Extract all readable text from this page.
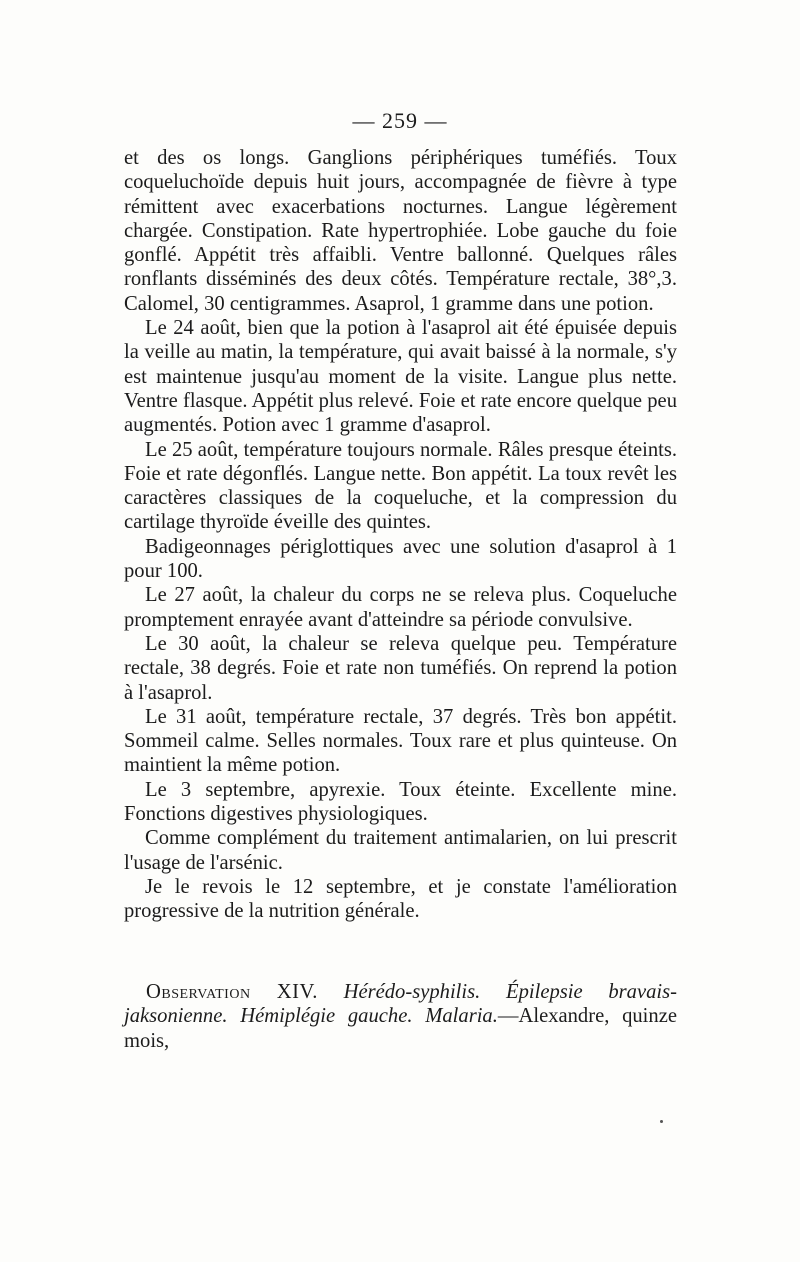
— 259 —

et des os longs. Ganglions périphériques tuméfiés. Toux coqueluchoïde depuis huit jours, accompagnée de fièvre à type rémittent avec exacerbations nocturnes. Langue légèrement chargée. Constipation. Rate hypertrophiée. Lobe gauche du foie gonflé. Appétit très affaibli. Ventre ballonné. Quelques râles ronflants disséminés des deux côtés. Température rectale, 38°,3. Calomel, 30 centigrammes. Asaprol, 1 gramme dans une potion.

Le 24 août, bien que la potion à l'asaprol ait été épuisée depuis la veille au matin, la température, qui avait baissé à la normale, s'y est maintenue jusqu'au moment de la visite. Langue plus nette. Ventre flasque. Appétit plus relevé. Foie et rate encore quelque peu augmentés. Potion avec 1 gramme d'asaprol.

Le 25 août, température toujours normale. Râles presque éteints. Foie et rate dégonflés. Langue nette. Bon appétit. La toux revêt les caractères classiques de la coqueluche, et la compression du cartilage thyroïde éveille des quintes.

Badigeonnages périglottiques avec une solution d'asaprol à 1 pour 100.

Le 27 août, la chaleur du corps ne se releva plus. Coqueluche promptement enrayée avant d'atteindre sa période convulsive.

Le 30 août, la chaleur se releva quelque peu. Température rectale, 38 degrés. Foie et rate non tuméfiés. On reprend la potion à l'asaprol.

Le 31 août, température rectale, 37 degrés. Très bon appétit. Sommeil calme. Selles normales. Toux rare et plus quinteuse. On maintient la même potion.

Le 3 septembre, apyrexie. Toux éteinte. Excellente mine. Fonctions digestives physiologiques.

Comme complément du traitement antimalarien, on lui prescrit l'usage de l'arsénic.

Je le revois le 12 septembre, et je constate l'amélioration progressive de la nutrition générale.

Observation XIV. Hérédo-syphilis. Épilepsie bravais-jaksonienne. Hémiplégie gauche. Malaria.—Alexandre, quinze mois,
